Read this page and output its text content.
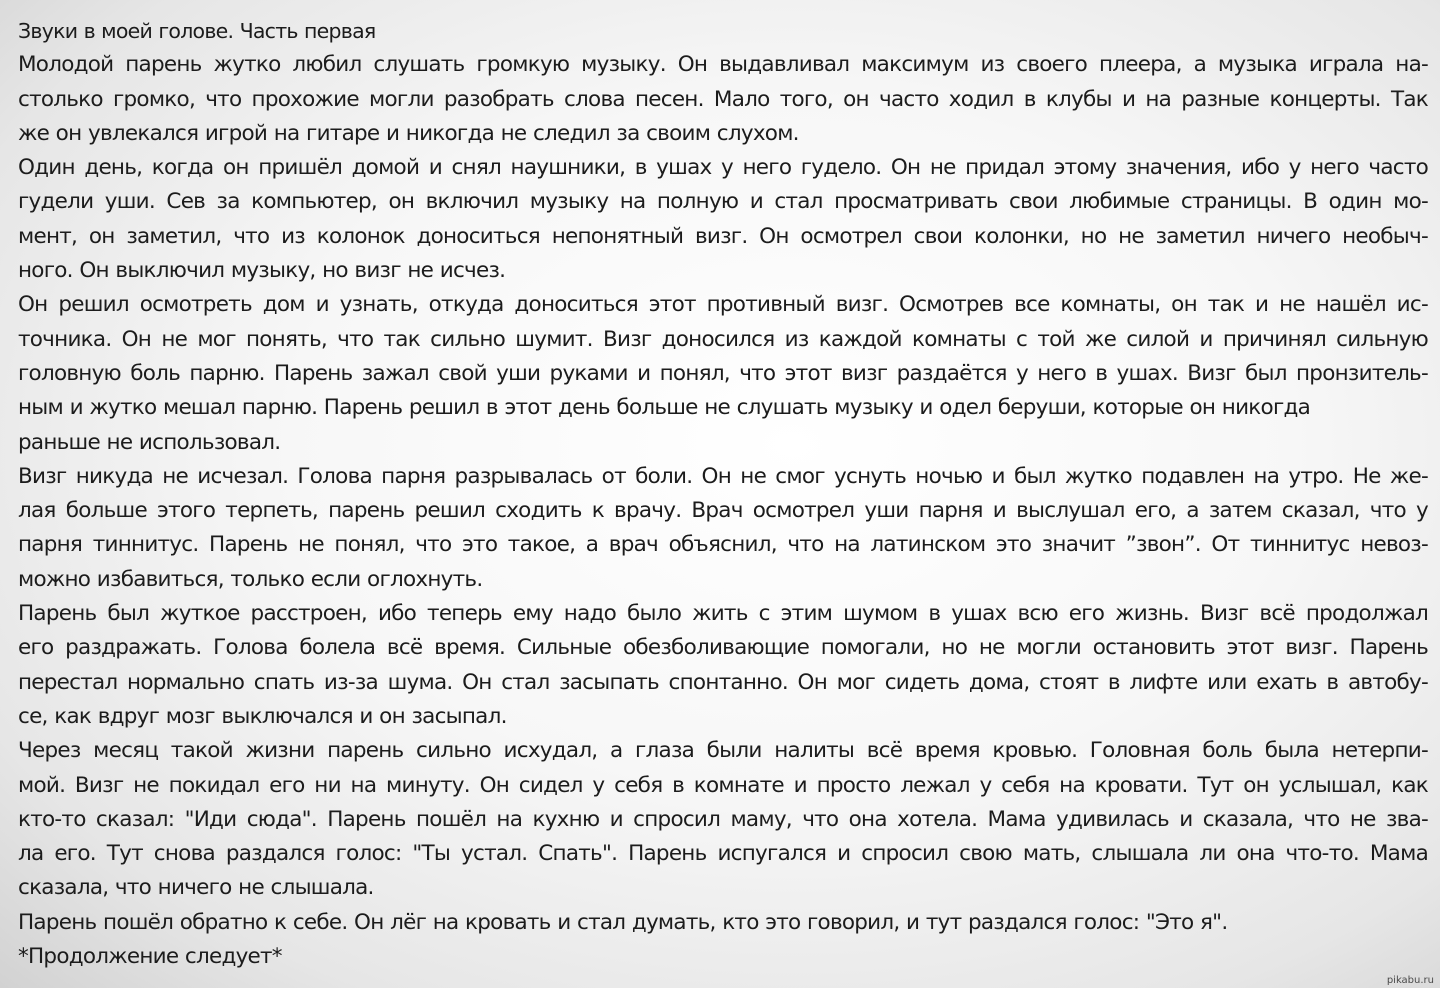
Звуки в моей голове. Часть первая
Молодой парень жутко любил слушать громкую музыку. Он выдавливал максимум из своего плеера, а музыка играла на-
столько громко, что прохожие могли разобрать слова песен. Мало того, он часто ходил в клубы и на разные концерты. Так
же он увлекался игрой на гитаре и никогда не следил за своим слухом.
Один день, когда он пришёл домой и снял наушники, в ушах у него гудело. Он не придал этому значения, ибо у него часто
гудели уши. Сев за компьютер, он включил музыку на полную и стал просматривать свои любимые страницы. В один мо-
мент, он заметил, что из колонок доноситься непонятный визг. Он осмотрел свои колонки, но не заметил ничего необыч-
ного. Он выключил музыку, но визг не исчез.
Он решил осмотреть дом и узнать, откуда доноситься этот противный визг. Осмотрев все комнаты, он так и не нашёл ис-
точника. Он не мог понять, что так сильно шумит. Визг доносился из каждой комнаты с той же силой и причинял сильную
головную боль парню. Парень зажал свой уши руками и понял, что этот визг раздаётся у него в ушах. Визг был пронзитель-
ным и жутко мешал парню. Парень решил в этот день больше не слушать музыку и одел беруши, которые он никогда
раньше не использовал.
Визг никуда не исчезал. Голова парня разрывалась от боли. Он не смог уснуть ночью и был жутко подавлен на утро. Не же-
лая больше этого терпеть, парень решил сходить к врачу. Врач осмотрел уши парня и выслушал его, а затем сказал, что у
парня тиннитус. Парень не понял, что это такое, а врач объяснил, что на латинском это значит ”звон”. От тиннитус невоз-
можно избавиться, только если оглохнуть.
Парень был жуткое расстроен, ибо теперь ему надо было жить с этим шумом в ушах всю его жизнь. Визг всё продолжал
его раздражать. Голова болела всё время. Сильные обезболивающие помогали, но не могли остановить этот визг. Парень
перестал нормально спать из-за шума. Он стал засыпать спонтанно. Он мог сидеть дома, стоят в лифте или ехать в автобу-
се, как вдруг мозг выключался и он засыпал.
Через месяц такой жизни парень сильно исхудал, а глаза были налиты всё время кровью. Головная боль была нетерпи-
мой. Визг не покидал его ни на минуту. Он сидел у себя в комнате и просто лежал у себя на кровати. Тут он услышал, как
кто-то сказал: "Иди сюда". Парень пошёл на кухню и спросил маму, что она хотела. Мама удивилась и сказала, что не зва-
ла его. Тут снова раздался голос: "Ты устал. Спать". Парень испугался и спросил свою мать, слышала ли она что-то. Мама
сказала, что ничего не слышала.
Парень пошёл обратно к себе. Он лёг на кровать и стал думать, кто это говорил, и тут раздался голос: "Это я".
*Продолжение следует*
pikabu.ru
